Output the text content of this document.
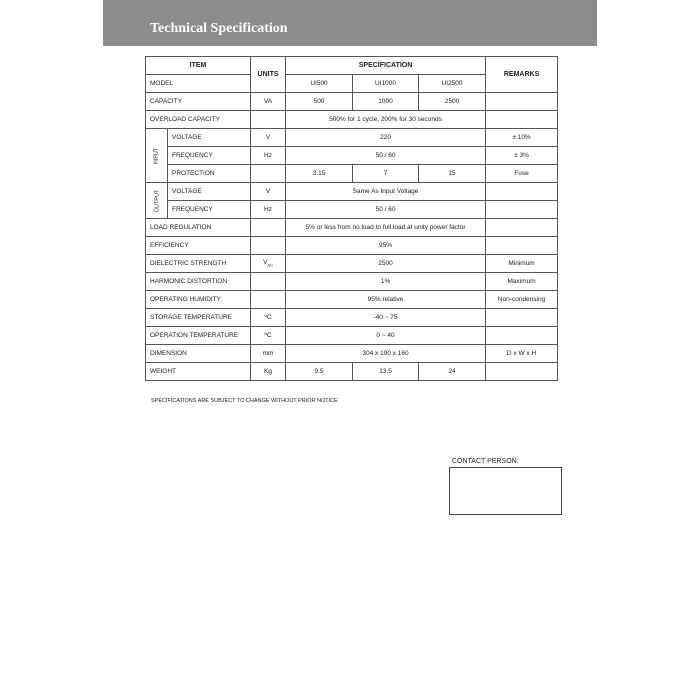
Technical Specification
ITEM		UNITS	SPECIFICATION			REMARKS

MODEL			UI500	UI1000	UI2500	
CAPACITY		VA	500	1000	2500	
OVERLOAD CAPACITY			500% for 1 cycle, 200% for 30 seconds			
INPUT	VOLTAGE	V	220			± 10%
	FREQUENCY	Hz	50 / 60			± 3%
	PROTECTION		3.15	7	15	Fuse
OUTPUT	VOLTAGE	V	Same As Input Voltage			
	FREQUENCY	Hz	50 / 60			
LOAD REGULATION			5% or less from no load to full load at unity power factor			
EFFICIENCY			95%			
DIELECTRIC STRENGTH		$V_{AC}$	2500			Minimum
HARMONIC DISTORTION			1%			Maximum
OPERATING HUMIDITY			95% relative			Non-condensing
STORAGE TEMPERATURE		ºC	-40 ~ 75			
OPERATION TEMPERATURE		ºC	0 ~ 40			
DIMENSION		mm	304 x 190 x 160			D x W x H
WEIGHT		Kg	9.5	13.5	24	
SPECIFICATIONS ARE SUBJECT TO CHANGE WITHOUT PRIOR NOTICE
CONTACT PERSON:
